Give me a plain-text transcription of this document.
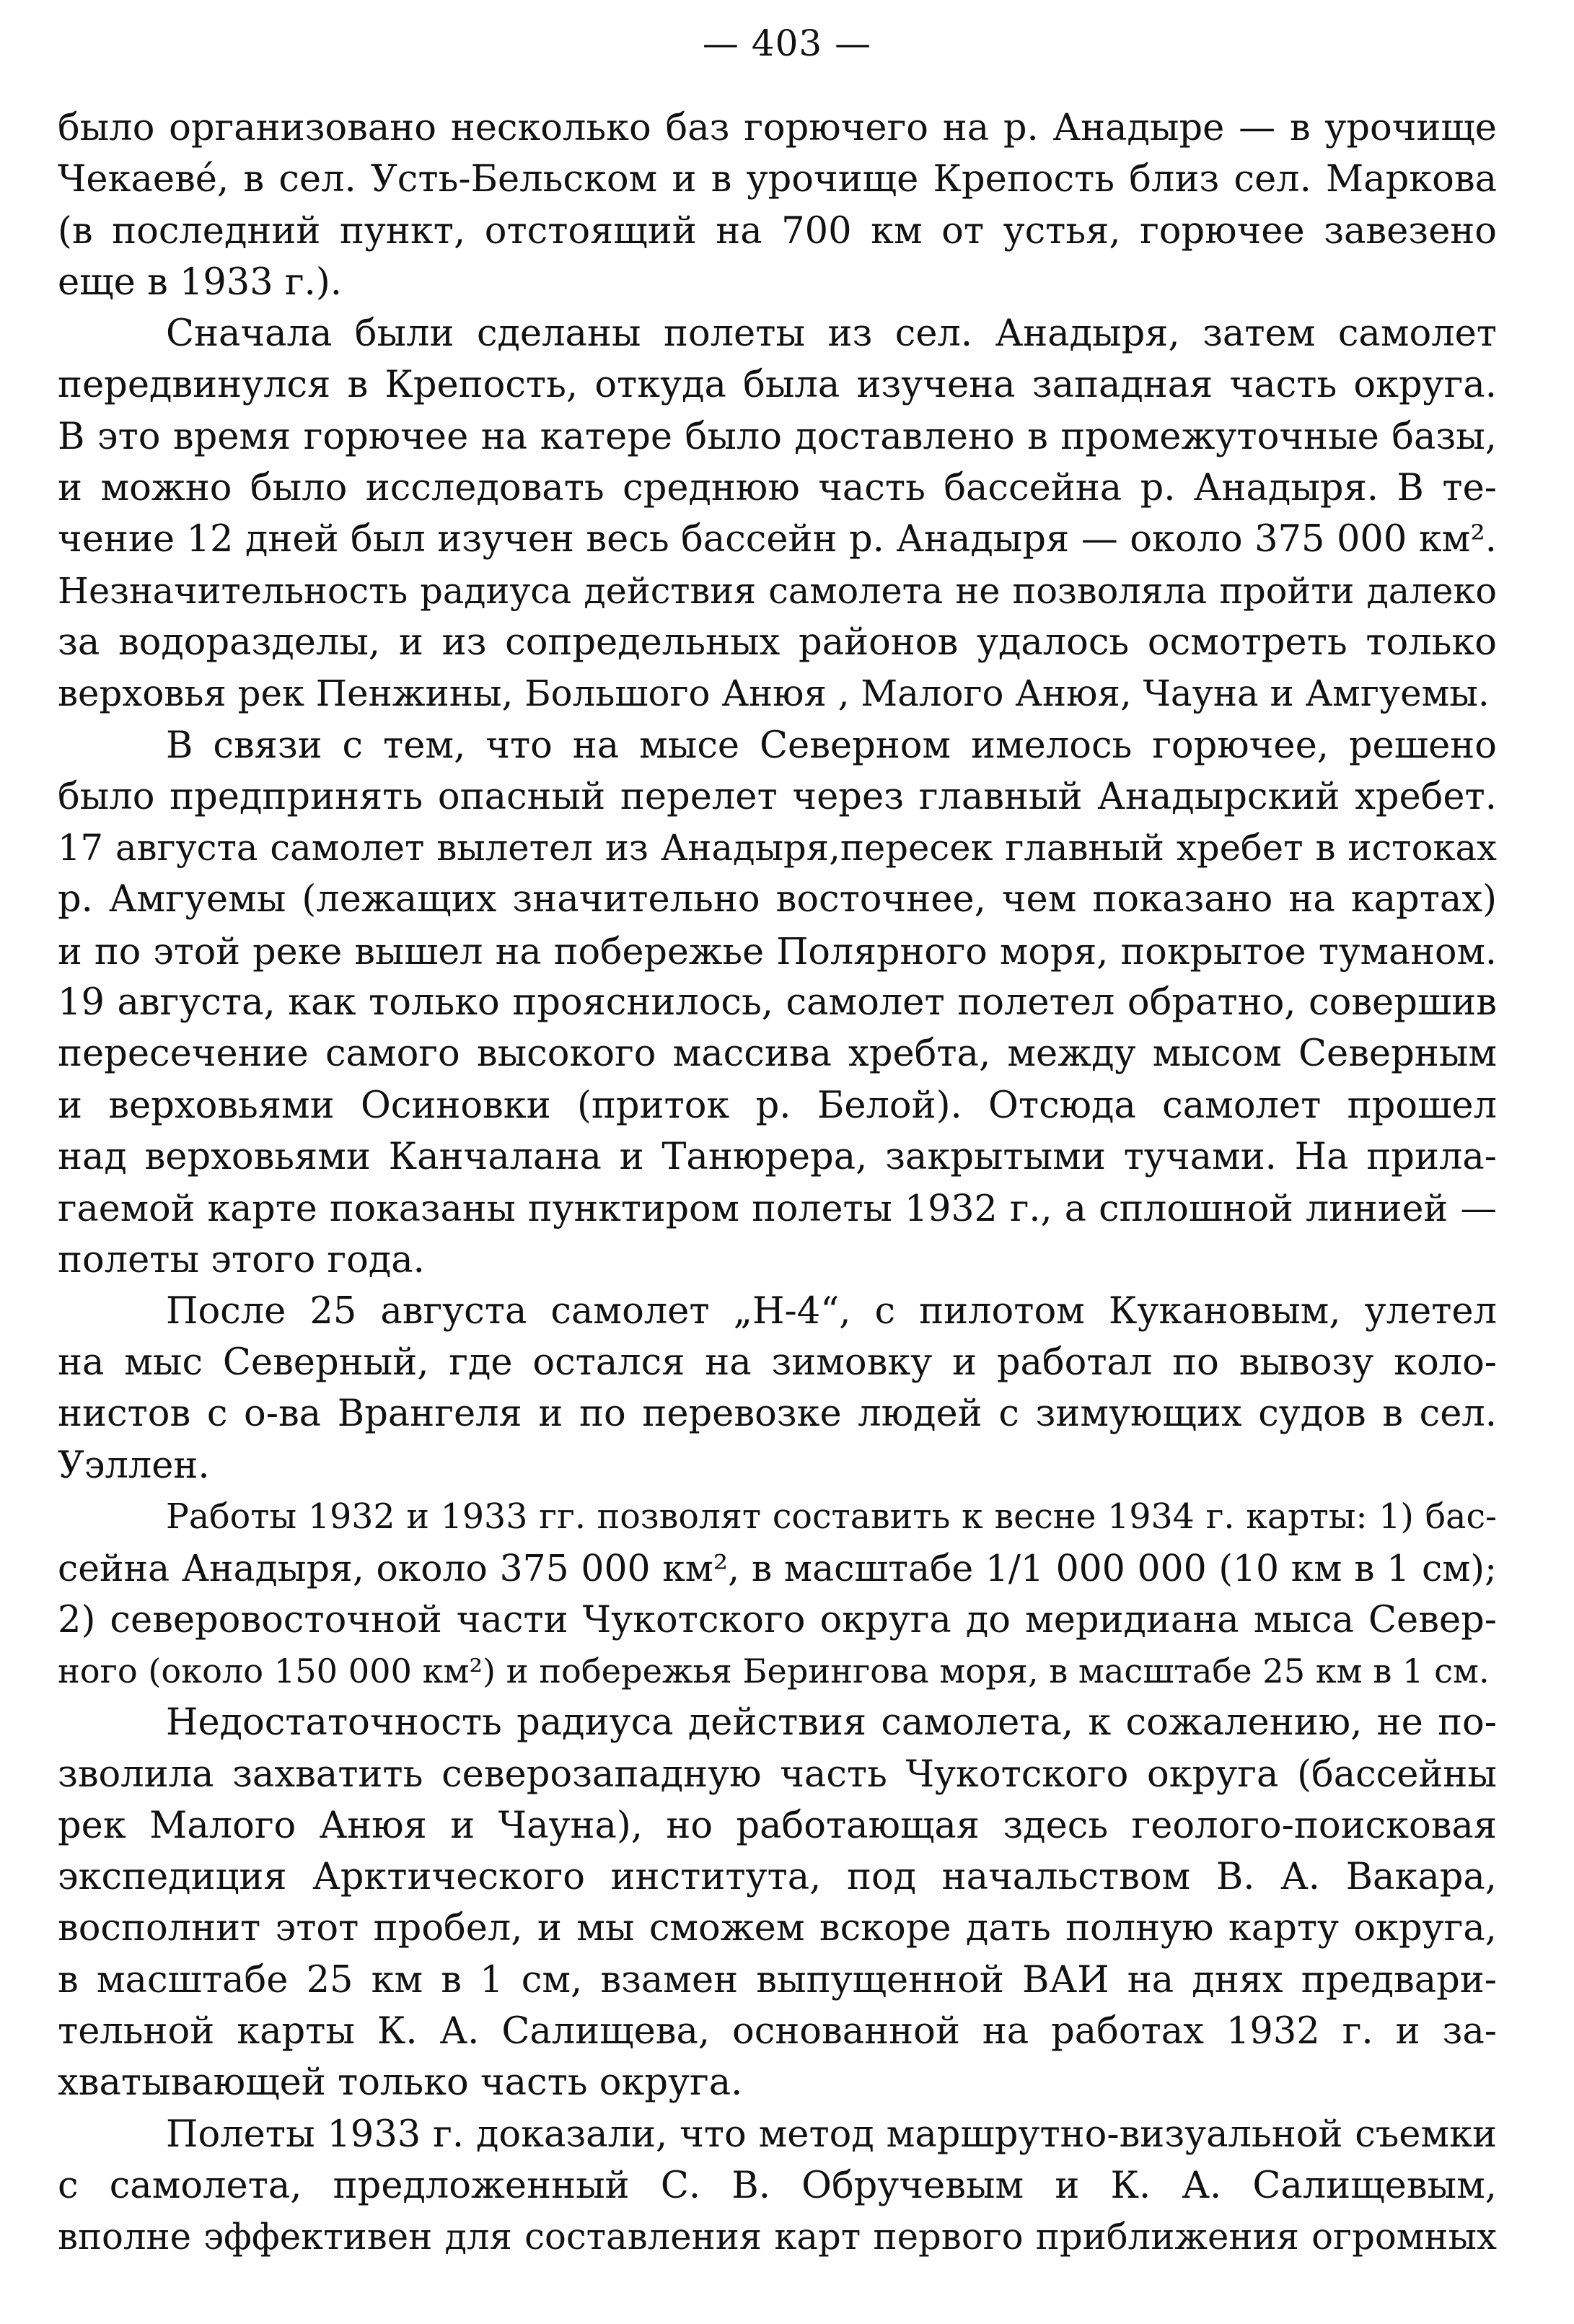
— 403 —
было организовано несколько баз горючего на р. Анадыре — в урочище
Чекаеве́, в сел. Усть-Бельском и в урочище Крепость близ сел. Маркова
(в последний пункт, отстоящий на 700 км от устья, горючее завезено
еще в 1933 г.).
Сначала были сделаны полеты из сел. Анадыря, затем самолет
передвинулся в Крепость, откуда была изучена западная часть округа.
В это время горючее на катере было доставлено в промежуточные базы,
и можно было исследовать среднюю часть бассейна р. Анадыря. В те-
чение 12 дней был изучен весь бассейн р. Анадыря — около 375 000 км².
Незначительность радиуса действия самолета не позволяла пройти далеко
за водоразделы, и из сопредельных районов удалось осмотреть только
верховья рек Пенжины, Большого Анюя , Малого Анюя, Чауна и Амгуемы.
В связи с тем, что на мысе Северном имелось горючее, решено
было предпринять опасный перелет через главный Анадырский хребет.
17 августа самолет вылетел из Анадыря,пересек главный хребет в истоках
р. Амгуемы (лежащих значительно восточнее, чем показано на картах)
и по этой реке вышел на побережье Полярного моря, покрытое туманом.
19 августа, как только прояснилось, самолет полетел обратно, совершив
пересечение самого высокого массива хребта, между мысом Северным
и верховьями Осиновки (приток р. Белой). Отсюда самолет прошел
над верховьями Канчалана и Танюрера, закрытыми тучами. На прила-
гаемой карте показаны пунктиром полеты 1932 г., а сплошной линией —
полеты этого года.
После 25 августа самолет „Н-4“, с пилотом Кукановым, улетел
на мыс Северный, где остался на зимовку и работал по вывозу коло-
нистов с о-ва Врангеля и по перевозке людей с зимующих судов в сел.
Уэллен.
Работы 1932 и 1933 гг. позволят составить к весне 1934 г. карты: 1) бас-
сейна Анадыря, около 375 000 км², в масштабе 1/1 000 000 (10 км в 1 см);
2) северовосточной части Чукотского округа до меридиана мыса Север-
ного (около 150 000 км²) и побережья Берингова моря, в масштабе 25 км в 1 см.
Недостаточность радиуса действия самолета, к сожалению, не по-
зволила захватить северозападную часть Чукотского округа (бассейны
рек Малого Анюя и Чауна), но работающая здесь геолого-поисковая
экспедиция Арктического института, под начальством В. А. Вакара,
восполнит этот пробел, и мы сможем вскоре дать полную карту округа,
в масштабе 25 км в 1 см, взамен выпущенной ВАИ на днях предвари-
тельной карты К. А. Салищева, основанной на работах 1932 г. и за-
хватывающей только часть округа.
Полеты 1933 г. доказали, что метод маршрутно-визуальной съемки
с самолета, предложенный С. В. Обручевым и К. А. Салищевым,
вполне эффективен для составления карт первого приближения огромных
